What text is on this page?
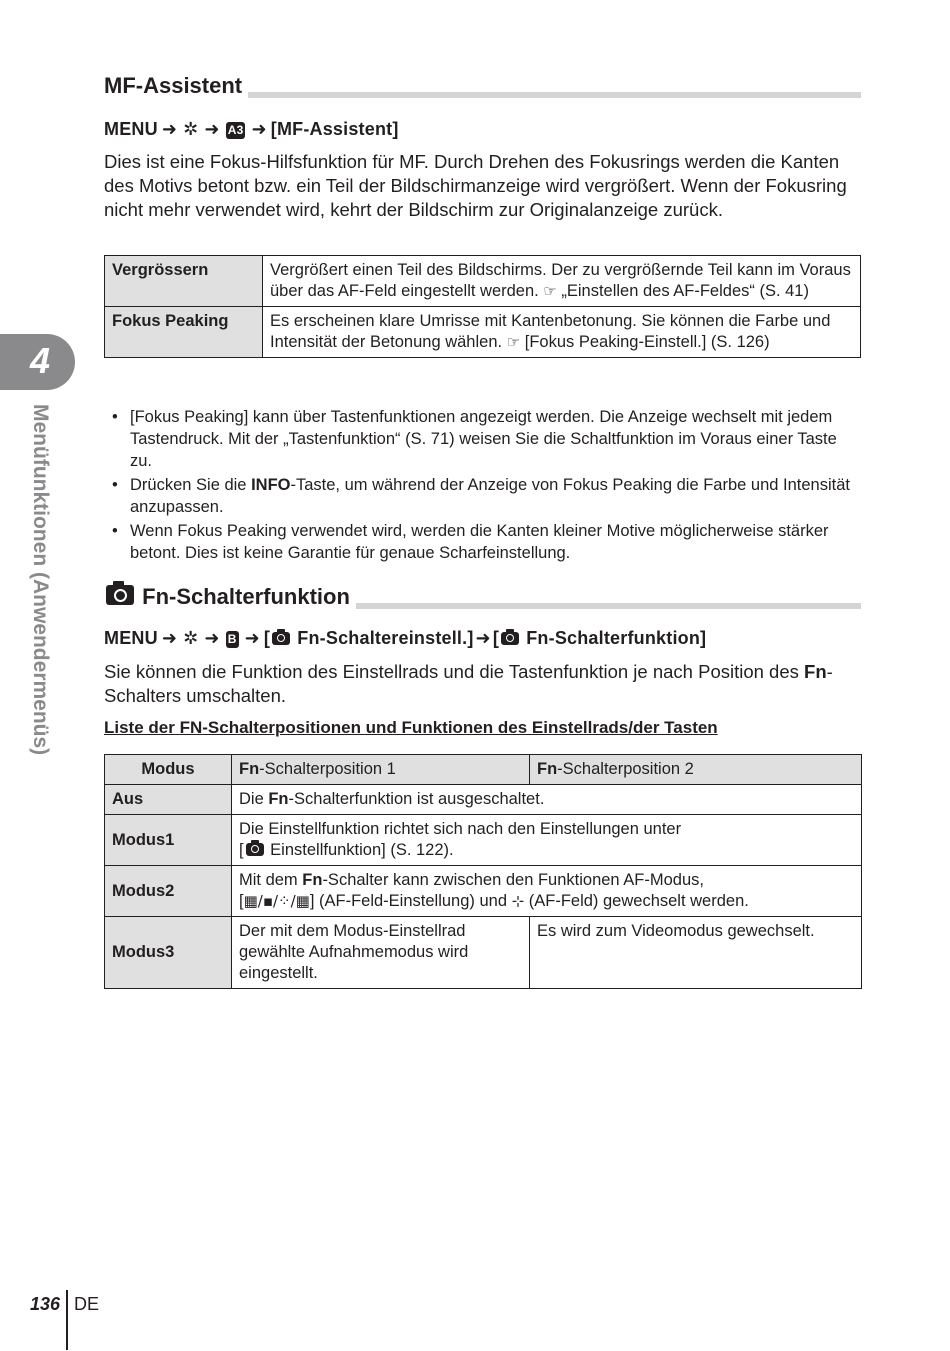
4
Menüfunktionen (Anwendermenüs)
MF-Assistent
MENU ➜ ✲ ➜ A3 ➜ [MF-Assistent]
Dies ist eine Fokus-Hilfsfunktion für MF. Durch Drehen des Fokusrings werden die Kanten des Motivs betont bzw. ein Teil der Bildschirmanzeige wird vergrößert. Wenn der Fokusring nicht mehr verwendet wird, kehrt der Bildschirm zur Originalanzeige zurück.
Vergrössern	Vergrößert einen Teil des Bildschirms. Der zu vergrößernde Teil kann im Voraus über das AF-Feld eingestellt werden. ☞ „Einstellen des AF-Feldes“ (S. 41)
Fokus Peaking	Es erscheinen klare Umrisse mit Kantenbetonung. Sie können die Farbe und Intensität der Betonung wählen. ☞ [Fokus Peaking-Einstell.] (S. 126)
• [Fokus Peaking] kann über Tastenfunktionen angezeigt werden. Die Anzeige wechselt mit jedem Tastendruck. Mit der „Tastenfunktion“ (S. 71) weisen Sie die Schaltfunktion im Voraus einer Taste zu.
• Drücken Sie die INFO-Taste, um während der Anzeige von Fokus Peaking die Farbe und Intensität anzupassen.
• Wenn Fokus Peaking verwendet wird, werden die Kanten kleiner Motive möglicherweise stärker betont. Dies ist keine Garantie für genaue Scharfeinstellung.
Fn-Schalterfunktion
MENU ➜ ✲ ➜ B ➜ [ Fn-Schaltereinstell.] ➜ [ Fn-Schalterfunktion]
Sie können die Funktion des Einstellrads und die Tastenfunktion je nach Position des Fn-Schalters umschalten.
Liste der FN-Schalterpositionen und Funktionen des Einstellrads/der Tasten
Modus	Fn-Schalterposition 1	Fn-Schalterposition 2
Aus	Die Fn-Schalterfunktion ist ausgeschaltet.	
Modus1	Die Einstellfunktion richtet sich nach den Einstellungen unter
[ Einstellfunktion] (S. 122).	
Modus2	Mit dem Fn-Schalter kann zwischen den Funktionen AF-Modus,
[▦/▪/⁘/▦] (AF-Feld-Einstellung) und ⊹ (AF-Feld) gewechselt werden.	
Modus3	Der mit dem Modus-Einstellrad gewählte Aufnahmemodus wird eingestellt.	Es wird zum Videomodus gewechselt.
136 DE
